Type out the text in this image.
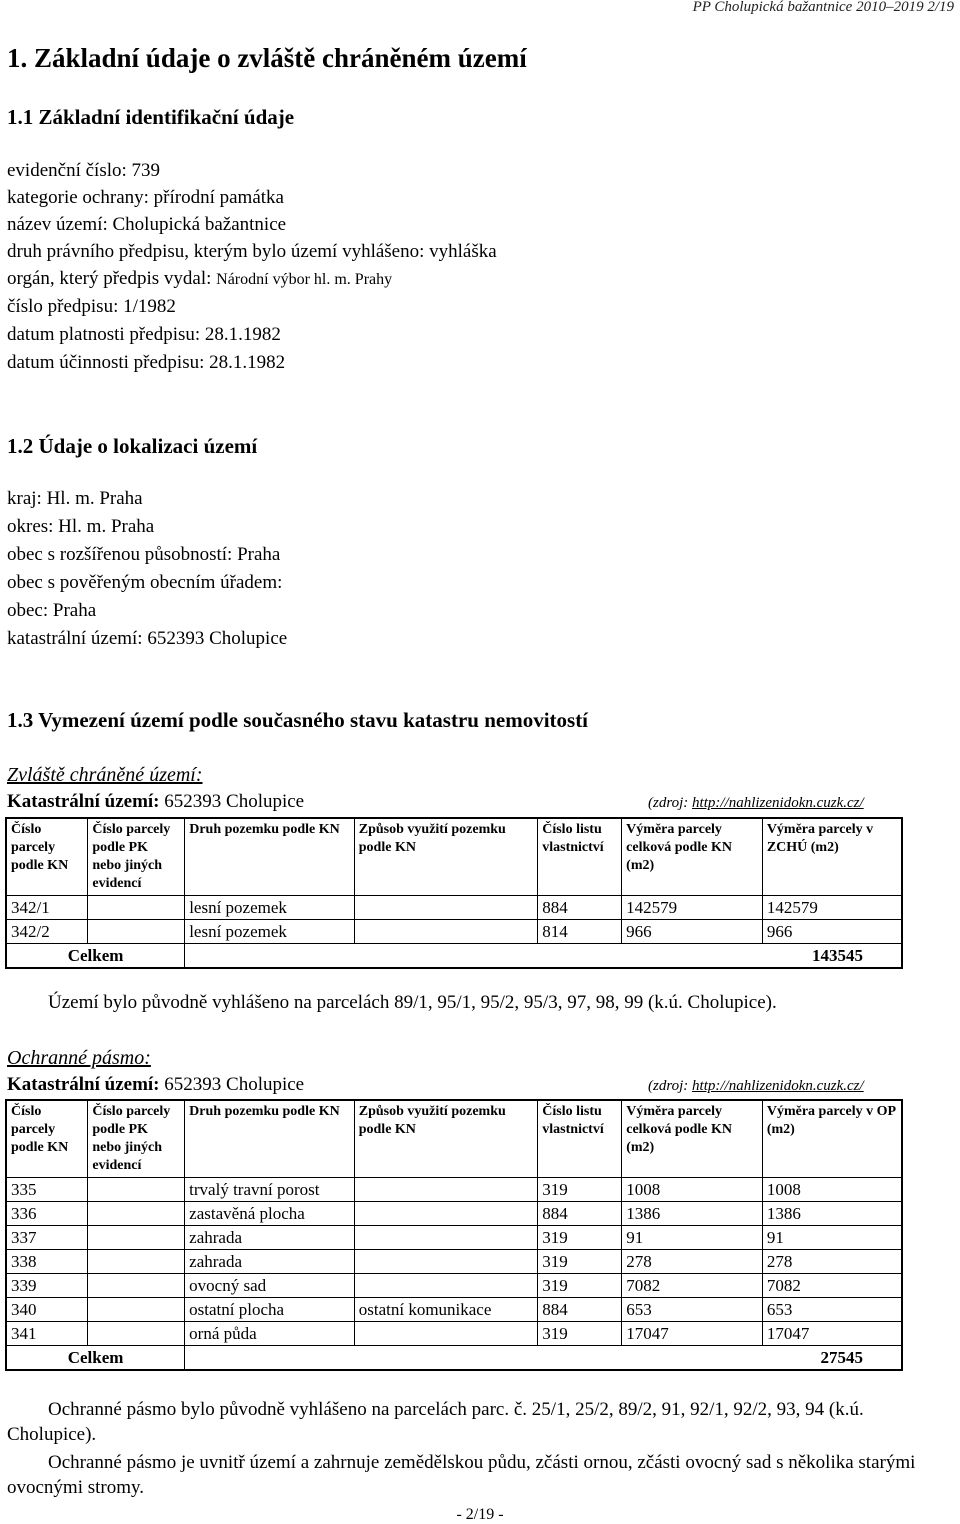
PP Cholupická bažantnice 2010–2019 2/19
1. Základní údaje o zvláště chráněném území
1.1 Základní identifikační údaje
evidenční číslo: 739
kategorie ochrany: přírodní památka
název území: Cholupická bažantnice
druh právního předpisu, kterým bylo území vyhlášeno: vyhláška
orgán, který předpis vydal: Národní výbor hl. m. Prahy
číslo předpisu: 1/1982
datum platnosti předpisu: 28.1.1982
datum účinnosti předpisu: 28.1.1982
1.2 Údaje o lokalizaci území
kraj: Hl. m. Praha
okres: Hl. m. Praha
obec s rozšířenou působností: Praha
obec s pověřeným obecním úřadem:
obec: Praha
katastrální území: 652393 Cholupice
1.3 Vymezení území podle současného stavu katastru nemovitostí
Zvláště chráněné území:
Katastrální území: 652393 Cholupice	(zdroj: http://nahlizenidokn.cuzk.cz/
Číslo parcely podle KN	Číslo parcely podle PK nebo jiných evidencí	Druh pozemku podle KN	Způsob využití pozemku podle KN	Číslo listu vlastnictví	Výměra parcely celková podle KN (m2)	Výměra parcely v ZCHÚ (m2)
342/1		lesní pozemek		884	142579	142579
342/2		lesní pozemek		814	966	966
Celkem		143545				
Území bylo původně vyhlášeno na parcelách 89/1, 95/1, 95/2, 95/3, 97, 98, 99 (k.ú. Cholupice).
Ochranné pásmo:
Katastrální území: 652393 Cholupice	(zdroj: http://nahlizenidokn.cuzk.cz/
Číslo parcely podle KN	Číslo parcely podle PK nebo jiných evidencí	Druh pozemku podle KN	Způsob využití pozemku podle KN	Číslo listu vlastnictví	Výměra parcely celková podle KN (m2)	Výměra parcely v OP (m2)
335		trvalý travní porost		319	1008	1008
336		zastavěná plocha		884	1386	1386
337		zahrada		319	91	91
338		zahrada		319	278	278
339		ovocný sad		319	7082	7082
340		ostatní plocha	ostatní komunikace	884	653	653
341		orná půda		319	17047	17047
Celkem		27545				
Ochranné pásmo bylo původně vyhlášeno na parcelách parc. č. 25/1, 25/2, 89/2, 91, 92/1, 92/2, 93, 94 (k.ú. Cholupice).
Ochranné pásmo je uvnitř území a zahrnuje zemědělskou půdu, zčásti ornou, zčásti ovocný sad s několika starými ovocnými stromy.
- 2/19 -
